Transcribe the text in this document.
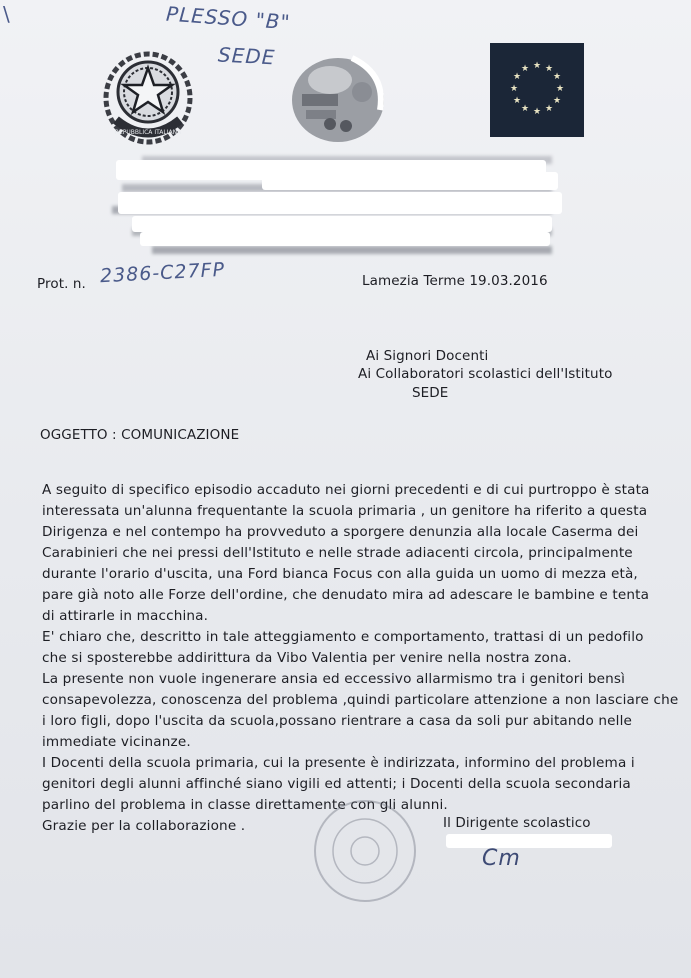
\	PLESSO "B"
SEDE
REPUBBLICA ITALIANA
★ ★
★
★
★
★
★
★
★
★
★
★
Prot. n. 2386-C27FP	Lamezia Terme 19.03.2016
Ai Signori Docenti
Ai Collaboratori scolastici dell'Istituto
SEDE
OGGETTO : COMUNICAZIONE
A seguito di specifico episodio accaduto nei giorni precedenti e di cui purtroppo è stata
interessata un'alunna frequentante la scuola primaria , un genitore ha riferito a questa
Dirigenza e nel contempo ha provveduto a sporgere denunzia alla locale Caserma dei
Carabinieri che nei pressi dell'Istituto e nelle strade adiacenti circola, principalmente
durante l'orario d'uscita, una Ford bianca Focus con alla guida un uomo di mezza età,
pare già noto alle Forze dell'ordine, che denudato mira ad adescare le bambine e tenta
di attirarle in macchina.
E' chiaro che, descritto in tale atteggiamento e comportamento, trattasi di un pedofilo
che si sposterebbe addirittura da Vibo Valentia per venire nella nostra zona.
La presente non vuole ingenerare ansia ed eccessivo allarmismo tra i genitori bensì
consapevolezza, conoscenza del problema ,quindi particolare attenzione a non lasciare che
i loro figli, dopo l'uscita da scuola,possano rientrare a casa da soli pur abitando nelle
immediate vicinanze.
I Docenti della scuola primaria, cui la presente è indirizzata, informino del problema i
genitori degli alunni affinché siano vigili ed attenti; i Docenti della scuola secondaria
parlino del problema in classe direttamente con gli alunni.
Grazie per la collaborazione .	Il Dirigente scolastico
Cm
